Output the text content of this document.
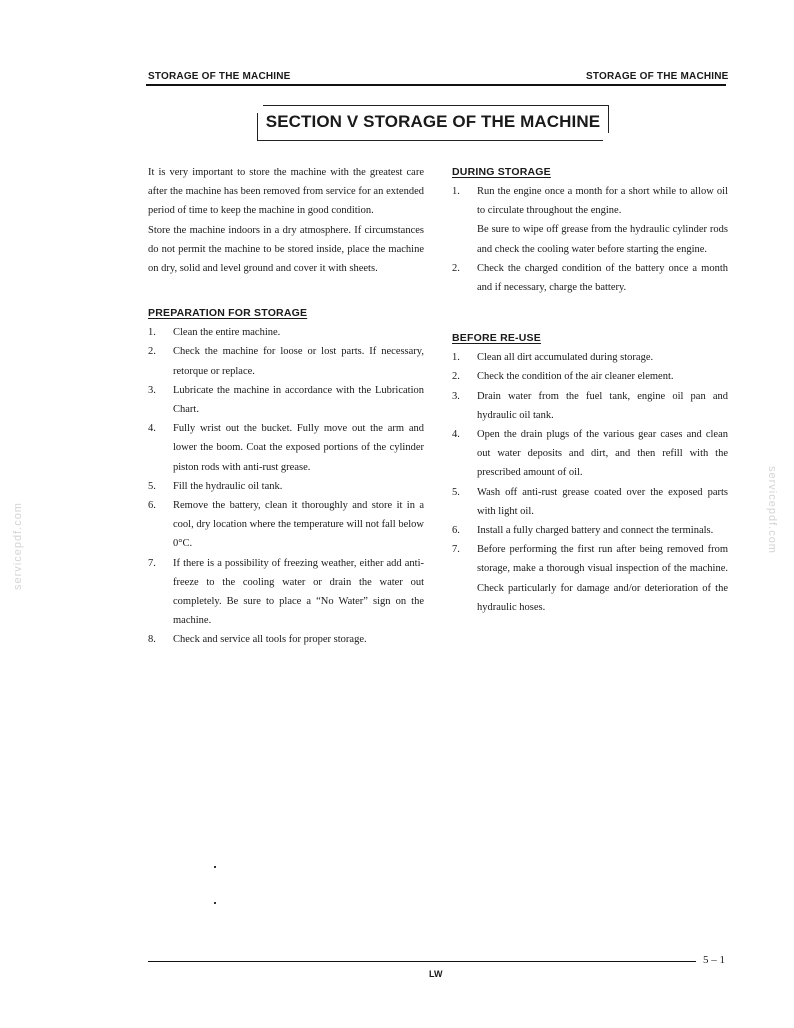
STORAGE OF THE MACHINE	STORAGE OF THE MACHINE
SECTION V STORAGE OF THE MACHINE

It is very important to store the machine with the greatest care after the machine has been removed from service for an extended period of time to keep the machine in good condition.

Store the machine indoors in a dry atmosphere. If circumstances do not permit the machine to be stored inside, place the machine on dry, solid and level ground and cover it with sheets.

PREPARATION FOR STORAGE
1.	Clean the entire machine.
2.	Check the machine for loose or lost parts. If necessary, retorque or replace.
3.	Lubricate the machine in accordance with the Lubrication Chart.
4.	Fully wrist out the bucket. Fully move out the arm and lower the boom. Coat the exposed portions of the cylinder piston rods with anti-rust grease.
5.	Fill the hydraulic oil tank.
6.	Remove the battery, clean it thoroughly and store it in a cool, dry location where the temperature will not fall below 0°C.
7.	If there is a possibility of freezing weather, either add anti-freeze to the cooling water or drain the water out completely. Be sure to place a “No Water” sign on the machine.
8.	Check and service all tools for proper storage.
DURING STORAGE
1.	Run the engine once a month for a short while to allow oil to circulate throughout the engine.
Be sure to wipe off grease from the hydraulic cylinder rods and check the cooling water before starting the engine.
2.	Check the charged condition of the battery once a month and if necessary, charge the battery.
BEFORE RE-USE
1.	Clean all dirt accumulated during storage.
2.	Check the condition of the air cleaner element.
3.	Drain water from the fuel tank, engine oil pan and hydraulic oil tank.
4.	Open the drain plugs of the various gear cases and clean out water deposits and dirt, and then refill with the prescribed amount of oil.
5.	Wash off anti-rust grease coated over the exposed parts with light oil.
6.	Install a fully charged battery and connect the terminals.
7.	Before performing the first run after being removed from storage, make a thorough visual inspection of the machine. Check particularly for damage and/or deterioration of the hydraulic hoses.
servicepdf.com	servicepdf.com
5 – 1
LW
